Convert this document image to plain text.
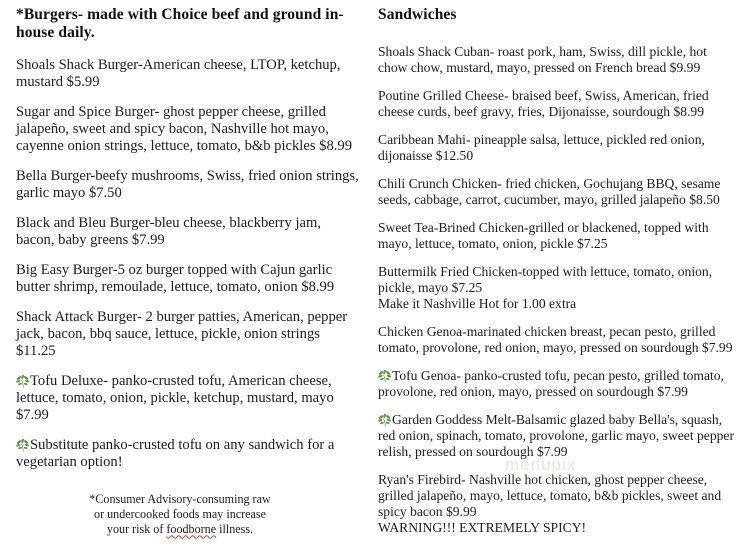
*Burgers- made with Choice beef and ground in-house daily.

Shoals Shack Burger-American cheese, LTOP, ketchup, mustard $5.99

Sugar and Spice Burger- ghost pepper cheese, grilled jalapeño, sweet and spicy bacon, Nashville hot mayo, cayenne onion strings, lettuce, tomato, b&b pickles $8.99

Bella Burger-beefy mushrooms, Swiss, fried onion strings, garlic mayo $7.50

Black and Bleu Burger-bleu cheese, blackberry jam, bacon, baby greens $7.99

Big Easy Burger-5 oz burger topped with Cajun garlic butter shrimp, remoulade, lettuce, tomato, onion $8.99

Shack Attack Burger- 2 burger patties, American, pepper jack, bacon, bbq sauce, lettuce, pickle, onion strings $11.25

Tofu Deluxe- panko-crusted tofu, American cheese, lettuce, tomato, onion, pickle, ketchup, mustard, mayo $7.99

Substitute panko-crusted tofu on any sandwich for a vegetarian option!

Sandwiches

Shoals Shack Cuban- roast pork, ham, Swiss, dill pickle, hot chow chow, mustard, mayo, pressed on French bread $9.99

Poutine Grilled Cheese- braised beef, Swiss, American, fried cheese curds, beef gravy, fries, Dijonaisse, sourdough $8.99

Caribbean Mahi- pineapple salsa, lettuce, pickled red onion, dijonaisse $12.50

Chili Crunch Chicken- fried chicken, Gochujang BBQ, sesame seeds, cabbage, carrot, cucumber, mayo, grilled jalapeño $8.50

Sweet Tea-Brined Chicken-grilled or blackened, topped with mayo, lettuce, tomato, onion, pickle $7.25

Buttermilk Fried Chicken-topped with lettuce, tomato, onion, pickle, mayo $7.25
Make it Nashville Hot for 1.00 extra

Chicken Genoa-marinated chicken breast, pecan pesto, grilled tomato, provolone, red onion, mayo, pressed on sourdough $7.99

Tofu Genoa- panko-crusted tofu, pecan pesto, grilled tomato, provolone, red onion, mayo, pressed on sourdough $7.99

Garden Goddess Melt-Balsamic glazed baby Bella's, squash, red onion, spinach, tomato, provolone, garlic mayo, sweet pepper relish, pressed on sourdough $7.99

Ryan's Firebird- Nashville hot chicken, ghost pepper cheese, grilled jalapeño, mayo, lettuce, tomato, b&b pickles, sweet and spicy bacon $9.99
WARNING!!! EXTREMELY SPICY!

*Consumer Advisory-consuming raw
or undercooked foods may increase
your risk of foodborne illness.
menupix
